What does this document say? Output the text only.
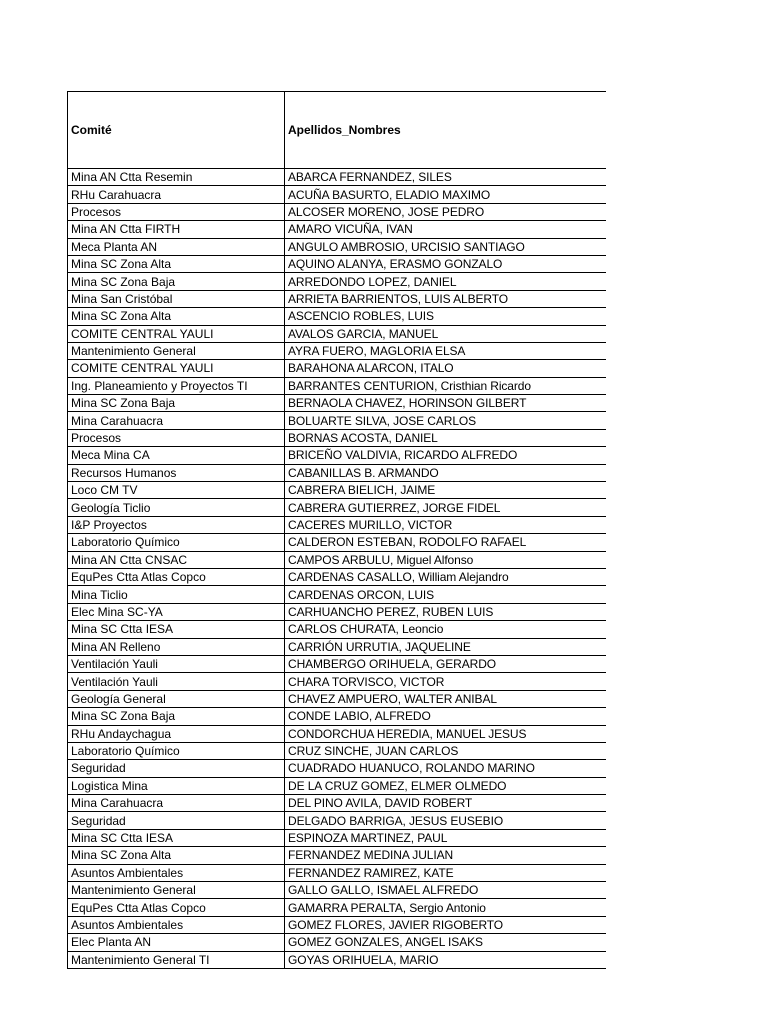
Comité	Apellidos_Nombres
Mina AN Ctta Resemin	ABARCA FERNANDEZ, SILES
RHu Carahuacra	ACUÑA BASURTO, ELADIO MAXIMO
Procesos	ALCOSER MORENO, JOSE PEDRO
Mina AN Ctta FIRTH	AMARO VICUÑA, IVAN
Meca Planta AN	ANGULO AMBROSIO, URCISIO SANTIAGO
Mina SC Zona Alta	AQUINO ALANYA, ERASMO GONZALO
Mina SC Zona Baja	ARREDONDO LOPEZ, DANIEL
Mina San Cristóbal	ARRIETA BARRIENTOS, LUIS ALBERTO
Mina SC Zona Alta	ASCENCIO ROBLES, LUIS
COMITE CENTRAL YAULI	AVALOS GARCIA, MANUEL
Mantenimiento General	AYRA FUERO, MAGLORIA ELSA
COMITE CENTRAL YAULI	BARAHONA ALARCON, ITALO
Ing. Planeamiento y Proyectos TI	BARRANTES CENTURION, Cristhian Ricardo
Mina SC Zona Baja	BERNAOLA CHAVEZ, HORINSON GILBERT
Mina Carahuacra	BOLUARTE SILVA, JOSE CARLOS
Procesos	BORNAS ACOSTA, DANIEL
Meca Mina CA	BRICEÑO VALDIVIA, RICARDO ALFREDO
Recursos Humanos	CABANILLAS B. ARMANDO
Loco CM TV	CABRERA BIELICH, JAIME
Geología Ticlio	CABRERA GUTIERREZ, JORGE FIDEL
I&P Proyectos	CACERES MURILLO, VICTOR
Laboratorio Químico	CALDERON ESTEBAN, RODOLFO RAFAEL
Mina AN Ctta CNSAC	CAMPOS ARBULU, Miguel Alfonso
EquPes Ctta Atlas Copco	CARDENAS CASALLO, William Alejandro
Mina Ticlio	CARDENAS ORCON, LUIS
Elec Mina SC-YA	CARHUANCHO PEREZ, RUBEN LUIS
Mina SC Ctta IESA	CARLOS CHURATA, Leoncio
Mina AN Relleno	CARRIÓN URRUTIA, JAQUELINE
Ventilación Yauli	CHAMBERGO ORIHUELA, GERARDO
Ventilación Yauli	CHARA TORVISCO, VICTOR
Geología General	CHAVEZ AMPUERO, WALTER ANIBAL
Mina SC Zona Baja	CONDE LABIO, ALFREDO
RHu Andaychagua	CONDORCHUA HEREDIA, MANUEL JESUS
Laboratorio Químico	CRUZ SINCHE, JUAN CARLOS
Seguridad	CUADRADO HUANUCO, ROLANDO MARINO
Logistica Mina	DE LA CRUZ GOMEZ, ELMER OLMEDO
Mina Carahuacra	DEL PINO AVILA, DAVID ROBERT
Seguridad	DELGADO BARRIGA, JESUS EUSEBIO
Mina SC Ctta IESA	ESPINOZA MARTINEZ, PAUL
Mina SC Zona Alta	FERNANDEZ MEDINA JULIAN
Asuntos Ambientales	FERNANDEZ RAMIREZ, KATE
Mantenimiento General	GALLO GALLO, ISMAEL ALFREDO
EquPes Ctta Atlas Copco	GAMARRA PERALTA, Sergio Antonio
Asuntos Ambientales	GOMEZ FLORES, JAVIER RIGOBERTO
Elec Planta AN	GOMEZ GONZALES, ANGEL ISAKS
Mantenimiento General TI	GOYAS ORIHUELA, MARIO
